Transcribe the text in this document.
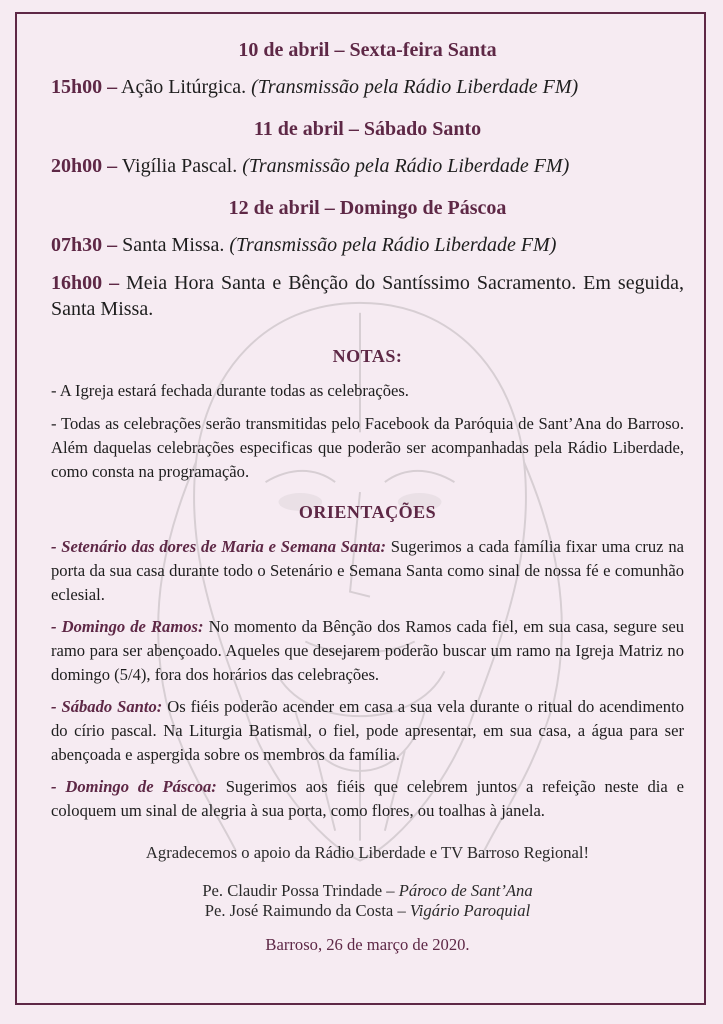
10 de abril – Sexta-feira Santa

15h00 – Ação Litúrgica. (Transmissão pela Rádio Liberdade FM)

11 de abril – Sábado Santo

20h00 – Vigília Pascal. (Transmissão pela Rádio Liberdade FM)

12 de abril – Domingo de Páscoa

07h30 – Santa Missa. (Transmissão pela Rádio Liberdade FM)

16h00 – Meia Hora Santa e Bênção do Santíssimo Sacramento. Em seguida, Santa Missa.

NOTAS:

- A Igreja estará fechada durante todas as celebrações.

- Todas as celebrações serão transmitidas pelo Facebook da Paróquia de Sant’Ana do Barroso. Além daquelas celebrações especificas que poderão ser acompanhadas pela Rádio Liberdade, como consta na programação.

ORIENTAÇÕES

- Setenário das dores de Maria e Semana Santa: Sugerimos a cada família fixar uma cruz na porta da sua casa durante todo o Setenário e Semana Santa como sinal de nossa fé e comunhão eclesial.

- Domingo de Ramos: No momento da Bênção dos Ramos cada fiel, em sua casa, segure seu ramo para ser abençoado. Aqueles que desejarem poderão buscar um ramo na Igreja Matriz no domingo (5/4), fora dos horários das celebrações.

- Sábado Santo: Os fiéis poderão acender em casa a sua vela durante o ritual do acendimento do círio pascal. Na Liturgia Batismal, o fiel, pode apresentar, em sua casa, a água para ser abençoada e aspergida sobre os membros da família.

- Domingo de Páscoa: Sugerimos aos fiéis que celebrem juntos a refeição neste dia e coloquem um sinal de alegria à sua porta, como flores, ou toalhas à janela.

Agradecemos o apoio da Rádio Liberdade e TV Barroso Regional!
Pe. Claudir Possa Trindade – Pároco de Sant’Ana
Pe. José Raimundo da Costa – Vigário Paroquial
Barroso, 26 de março de 2020.
